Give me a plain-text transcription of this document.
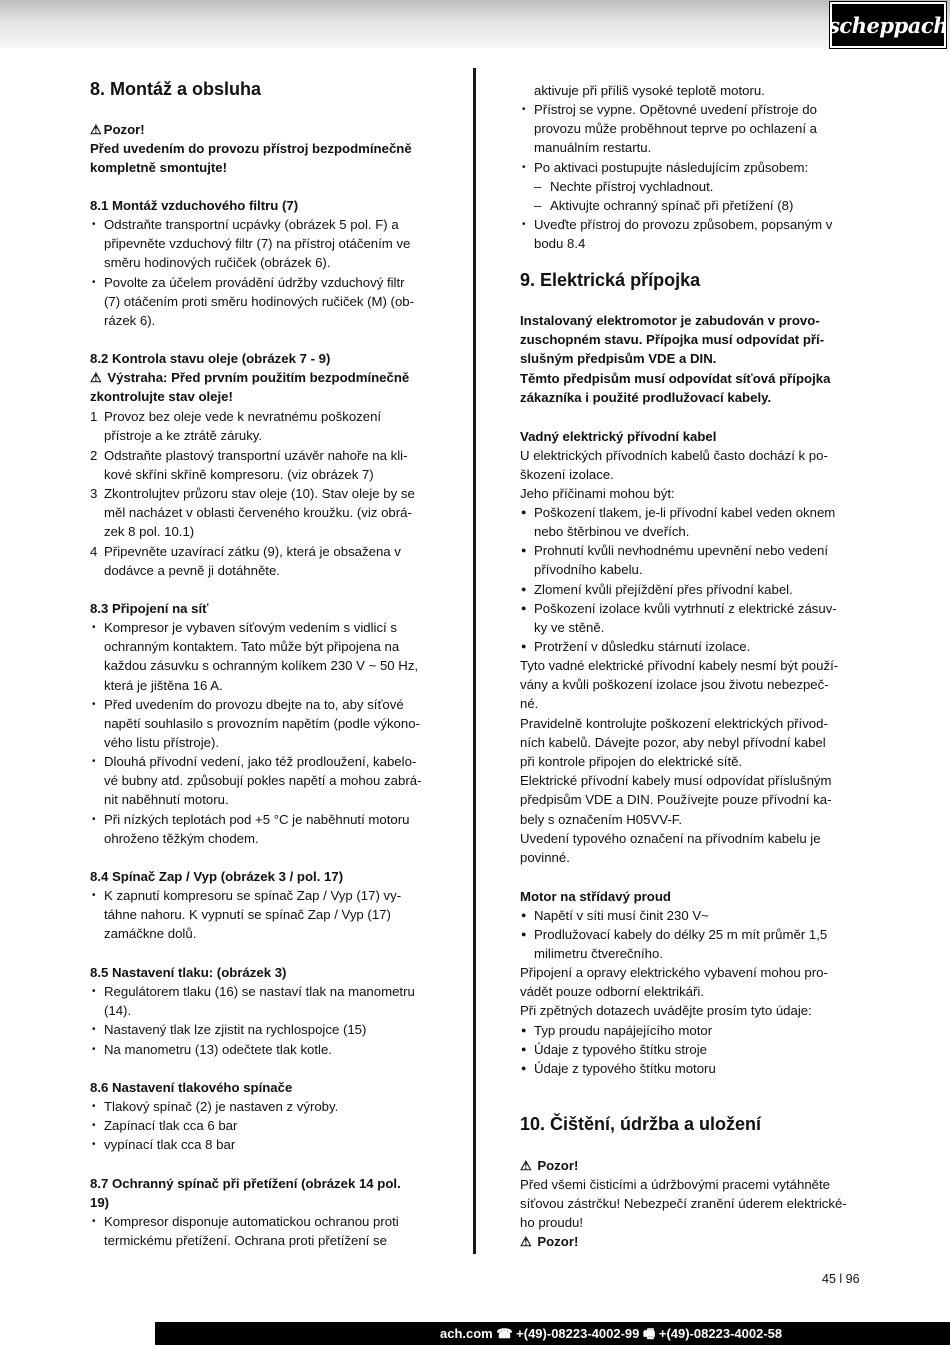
scheppach
8. Montáž a obsluha
⚠ Pozor!
Před uvedením do provozu přístroj bezpodmínečně
kompletně smontujte!
8.1 Montáž vzduchového filtru (7)
• Odstraňte transportní ucpávky (obrázek 5 pol. F) a
připevněte vzduchový filtr (7) na přístroj otáčením ve
směru hodinových ručiček (obrázek 6).
• Povolte za účelem provádění údržby vzduchový filtr
(7) otáčením proti směru hodinových ručiček (M) (ob-
rázek 6).
8.2 Kontrola stavu oleje (obrázek 7 - 9)
⚠ Výstraha: Před prvním použitím bezpodmínečně
zkontrolujte stav oleje!
1 Provoz bez oleje vede k nevratnému poškození
přístroje a ke ztrátě záruky.
2 Odstraňte plastový transportní uzávěr nahoře na kli-
kové skříni skříně kompresoru. (viz obrázek 7)
3 Zkontrolujtev průzoru stav oleje (10). Stav oleje by se
měl nacházet v oblasti červeného kroužku. (viz obrá-
zek 8 pol. 10.1)
4 Připevněte uzavírací zátku (9), která je obsažena v
dodávce a pevně ji dotáhněte.
8.3 Připojení na síť
• Kompresor je vybaven síťovým vedením s vidlicí s
ochranným kontaktem. Tato může být připojena na
každou zásuvku s ochranným kolíkem 230 V ~ 50 Hz,
která je jištěna 16 A.
• Před uvedením do provozu dbejte na to, aby síťové
napětí souhlasilo s provozním napětím (podle výkono-
vého listu přístroje).
• Dlouhá přívodní vedení, jako též prodloužení, kabelo-
vé bubny atd. způsobují pokles napětí a mohou zabrá-
nit naběhnutí motoru.
• Při nízkých teplotách pod +5 °C je naběhnutí motoru
ohroženo těžkým chodem.
8.4 Spínač Zap / Vyp (obrázek 3 / pol. 17)
• K zapnutí kompresoru se spínač Zap / Vyp (17) vy-
táhne nahoru. K vypnutí se spínač Zap / Vyp (17)
zamáčkne dolů.
8.5 Nastavení tlaku: (obrázek 3)
• Regulátorem tlaku (16) se nastaví tlak na manometru
(14).
• Nastavený tlak lze zjistit na rychlospojce (15)
• Na manometru (13) odečtete tlak kotle.
8.6 Nastavení tlakového spínače
• Tlakový spínač (2) je nastaven z výroby.
• Zapínací tlak cca 6 bar
• vypínací tlak cca 8 bar
8.7 Ochranný spínač při přetížení (obrázek 14 pol.
19)
• Kompresor disponuje automatickou ochranou proti
termickému přetížení. Ochrana proti přetížení se
aktivuje při příliš vysoké teplotě motoru.
• Přístroj se vypne. Opětovné uvedení přístroje do
provozu může proběhnout teprve po ochlazení a
manuálním restartu.
• Po aktivaci postupujte následujícím způsobem:
– Nechte přístroj vychladnout.
– Aktivujte ochranný spínač při přetížení (8)
• Uveďte přístroj do provozu způsobem, popsaným v
bodu 8.4
9. Elektrická přípojka
Instalovaný elektromotor je zabudován v provo-
zuschopném stavu. Přípojka musí odpovídat pří-
slušným předpisům VDE a DIN.
Těmto předpisům musí odpovídat síťová přípojka
zákazníka i použité prodlužovací kabely.
Vadný elektrický přívodní kabel
U elektrických přívodních kabelů často dochází k po-
škození izolace.
Jeho příčinami mohou být:
● Poškození tlakem, je-li přívodní kabel veden oknem
nebo štěrbinou ve dveřích.
● Prohnutí kvůli nevhodnému upevnění nebo vedení
přívodního kabelu.
● Zlomení kvůli přejíždění přes přívodní kabel.
● Poškození izolace kvůli vytrhnutí z elektrické zásuv-
ky ve stěně.
● Protržení v důsledku stárnutí izolace.
Tyto vadné elektrické přívodní kabely nesmí být použí-
vány a kvůli poškození izolace jsou životu nebezpeč-
né.
Pravidelně kontrolujte poškození elektrických přívod-
ních kabelů. Dávejte pozor, aby nebyl přívodní kabel
při kontrole připojen do elektrické sítě.
Elektrické přívodní kabely musí odpovídat příslušným
předpisům VDE a DIN. Používejte pouze přívodní ka-
bely s označením H05VV-F.
Uvedení typového označení na přívodním kabelu je
povinné.
Motor na střídavý proud
● Napětí v síti musí činit 230 V~
● Prodlužovací kabely do délky 25 m mít průměr 1,5
milimetru čtverečního.
Připojení a opravy elektrického vybavení mohou pro-
vádět pouze odborní elektrikáři.
Při zpětných dotazech uvádějte prosím tyto údaje:
● Typ proudu napájejícího motor
● Údaje z typového štítku stroje
● Údaje z typového štítku motoru
10. Čištění, údržba a uložení
⚠ Pozor!
Před všemi čisticími a údržbovými pracemi vytáhněte
síťovou zástrčku! Nebezpečí zranění úderem elektrické-
ho proudu!
⚠ Pozor!
45 l 96
ach.com ☎ +(49)-08223-4002-99 🖷 +(49)-08223-4002-58
